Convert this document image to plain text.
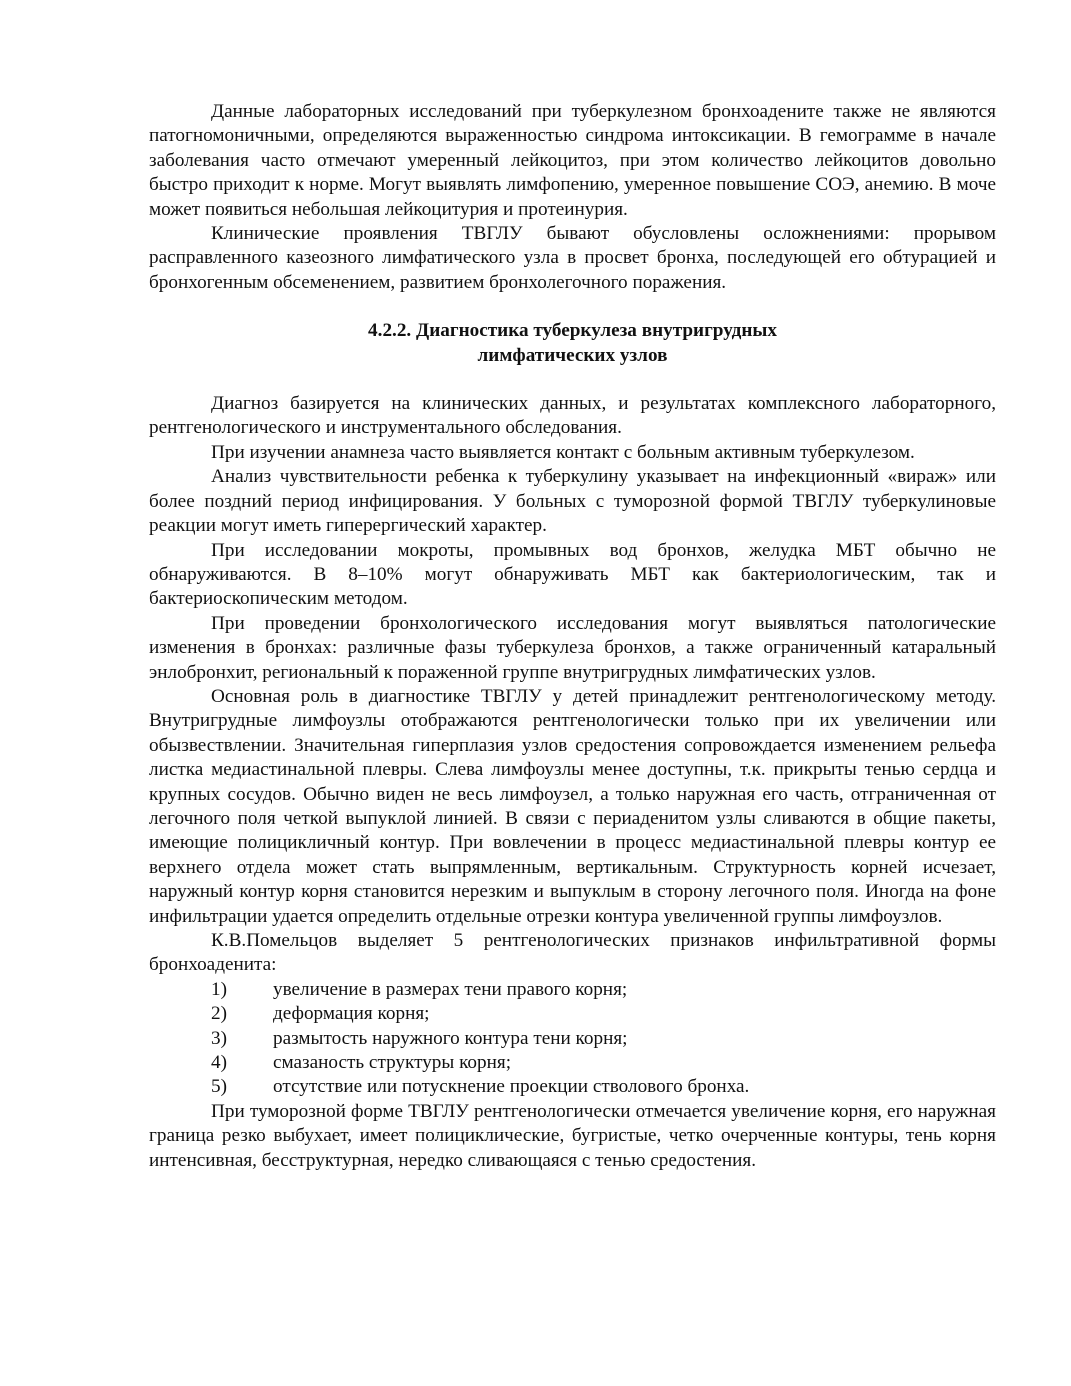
Данные лабораторных исследований при туберкулезном бронхоадените также не являются патогномоничными, определяются выраженностью синдрома интоксикации. В гемограмме в начале заболевания часто отмечают умеренный лейкоцитоз, при этом количество лейкоцитов довольно быстро приходит к норме. Могут выявлять лимфопению, умеренное повышение СОЭ, анемию. В моче может появиться небольшая лейкоцитурия и протеинурия.

Клинические проявления ТВГЛУ бывают обусловлены осложнениями: прорывом расправленного казеозного лимфатического узла в просвет бронха, последующей его обтурацией и бронхогенным обсеменением, развитием бронхолегочного поражения.

4.2.2. Диагностика туберкулеза внутригрудных
лимфатических узлов

Диагноз базируется на клинических данных, и результатах комплексного лабораторного, рентгенологического и инструментального обследования.

При изучении анамнеза часто выявляется контакт с больным активным туберкулезом.

Анализ чувствительности ребенка к туберкулину указывает на инфекционный «вираж» или более поздний период инфицирования. У больных с туморозной формой ТВГЛУ туберкулиновые реакции могут иметь гиперергический характер.

При исследовании мокроты, промывных вод бронхов, желудка МБТ обычно не обнаруживаются. В 8–10% могут обнаруживать МБТ как бактериологическим, так и бактериоскопическим методом.

При проведении бронхологического исследования могут выявляться патологические изменения в бронхах: различные фазы туберкулеза бронхов, а также ограниченный катаральный энлобронхит, региональный к пораженной группе внутригрудных лимфатических узлов.

Основная роль в диагностике ТВГЛУ у детей принадлежит рентгенологическому методу. Внутригрудные лимфоузлы отображаются рентгенологически только при их увеличении или обызвествлении. Значительная гиперплазия узлов средостения сопровождается изменением рельефа листка медиастинальной плевры. Слева лимфоузлы менее доступны, т.к. прикрыты тенью сердца и крупных сосудов. Обычно виден не весь лимфоузел, а только наружная его часть, отграниченная от легочного поля четкой выпуклой линией. В связи с периаденитом узлы сливаются в общие пакеты, имеющие полицикличный контур. При вовлечении в процесс медиастинальной плевры контур ее верхнего отдела может стать выпрямленным, вертикальным. Структурность корней исчезает, наружный контур корня становится нерезким и выпуклым в сторону легочного поля. Иногда на фоне инфильтрации удается определить отдельные отрезки контура увеличенной группы лимфоузлов.

К.В.Помельцов выделяет 5 рентгенологических признаков инфильтративной формы бронхоаденита:

1)	увеличение в размерах тени правого корня;
2)	деформация корня;
3)	размытость наружного контура тени корня;
4)	смазаность структуры корня;
5)	отсутствие или потускнение проекции стволового бронха.

При туморозной форме ТВГЛУ рентгенологически отмечается увеличение корня, его наружная граница резко выбухает, имеет полициклические, бугристые, четко очерченные контуры, тень корня интенсивная, бесструктурная, нередко сливающаяся с тенью средостения.
